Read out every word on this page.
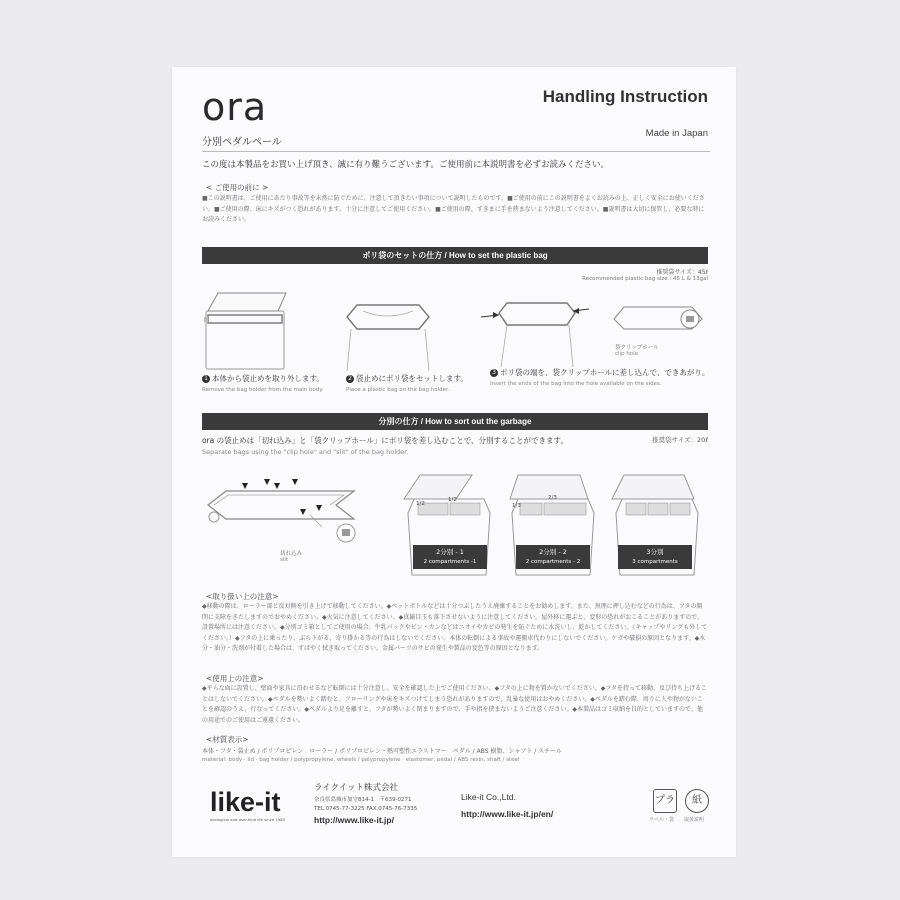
ora
分別ペダルペール
Handling Instruction
Made in Japan
この度は本製品をお買い上げ頂き、誠に有り難うございます。ご使用前に本説明書を必ずお読みください。
< ご使用の前に >
■この説明書は、ご使用にあたり事故等を未然に防ぐために、注意して頂きたい事項について説明したものです。■ご使用の前にこの説明書をよくお読みの上、正しく安全にお使いください。■ご使用の際、床にキズがつく恐れがあります。十分に注意してご使用ください。■ご使用の際、すきまに手を挟まないよう注意してください。■説明書は大切に保管し、必要な時にお読みください。
ポリ袋のセットの仕方 / How to set the plastic bag
推奨袋サイズ：45ℓ
Recommended plastic bag size : 45 L & 13gal
袋クリップホール
clip hole
1 本体から袋止めを取り外します。
Remove the bag holder from the main body.
2 袋止めにポリ袋をセットします。
Place a plastic bag on the bag holder.
3 ポリ袋の端を、袋クリップホールに差し込んで、できあがり。
Insert the ends of the bag into the hole available on the sides.
分別の仕方 / How to sort out the garbage
推奨袋サイズ：20ℓ
ora の袋止めは「切れ込み」と「袋クリップホール」にポリ袋を差し込むことで、分別することができます。
Separate bags using the "clip hole" and "slit" of the bag holder.
切れ込み
slit
1/2
1/2
1/3
2/3
2分別 - 1
2 compartments -1
2分別 - 2
2 compartments - 2
3分別
3 compartments
<取り扱い上の注意>
◆移動の際は、ローラー部と反対側を引き上げて移動してください。◆ペットボトルなどは十分つぶしたうえ廃棄することをお勧めします。また、無理に押し込むなどの行為は、フタの開閉に支障をきたしますのでおやめください。◆火気に注意してください。◆真鍮目玉も落下させないように注意してください。屋外移に運ぶと、変形の恐れがおこることがありますので、設置場所には注意ください。◆分別ゴミ箱としてご使用の場合、牛乳パックやビン・カンなどはニオイやカビの発生を防ぐために水洗いし、乾かしてください。（キャップやリングも外してください。）◆フタの上に乗ったり、ぶら下がる、寄り掛かる等の行為はしないでください。本体の転倒による事故や運搬車代わりにしないでください。ケガや破損の原因となります。◆水分・油分・洗剤が付着した場合は、すばやく拭き取ってください。金属パーツのサビの発生や製品の変色等の原因となります。
<使用上の注意>
◆平らな面に設置し、壁面や家具に沿わせるなど転倒には十分注意し、安全を確認した上でご使用ください。◆フタの上に物を置かないでください。◆フタを持って移動、及び持ち上げることはしないでください。◆ペダルを勢いよく踏むと、フローリングや床をキズつけてしまう恐れがありますので、乱暴な使用はおやめください。◆ペダルを踏む際、周りに人や物がないことを確認のうえ、行なってください。◆ペダルより足を離すと、フタが勢いよく閉まりますので、手や指を挟まないようご注意ください。◆本製品はゴミ収納を目的としていますので、他の用途でのご使用はご遠慮ください。
<材質表示>
本体・フタ・袋止め / ポリプロピレン　ローラー / ポリプロピレン・熱可塑性エラストマー　ペダル / ABS 樹脂、シャフト / スチール
material: body · lid · bag holder / polypropylene, wheels / polypropylene · elastomer, pedal / ABS resin, shaft / steel
like-it
ecological and user-kind life since 1983
ライクイット株式会社
奈良県葛城市加守814-1　〒639-0271
TEL.0745-77-3225 FAX.0745-76-7335
http://www.like-it.jp/
Like-it Co.,Ltd.
http://www.like-it.jp/en/
プラ
ラベル・袋
紙
取扱説明
